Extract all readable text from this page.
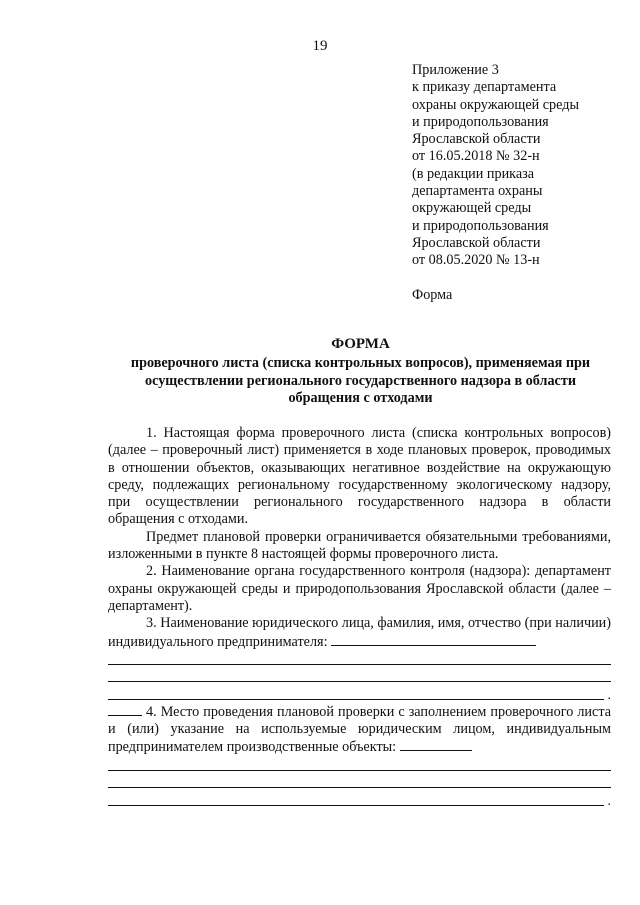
19
Приложение 3
к приказу департамента
охраны окружающей среды
и природопользования
Ярославской области
от 16.05.2018 № 32-н
(в редакции приказа
департамента охраны
окружающей среды
и природопользования
Ярославской области
от 08.05.2020 № 13-н
Форма
ФОРМА
проверочного листа (списка контрольных вопросов), применяемая при осуществлении регионального государственного надзора в области обращения с отходами

1. Настоящая форма проверочного листа (списка контрольных вопросов) (далее – проверочный лист) применяется в ходе плановых проверок, проводимых в отношении объектов, оказывающих негативное воздействие на окружающую среду, подлежащих региональному государственному экологическому надзору, при осуществлении регионального государственного надзора в области обращения с отходами.

Предмет плановой проверки ограничивается обязательными требованиями, изложенными в пункте 8 настоящей формы проверочного листа.

2. Наименование органа государственного контроля (надзора): департамент охраны окружающей среды и природопользования Ярославской области (далее – департамент).

3. Наименование юридического лица, фамилия, имя, отчество (при наличии) индивидуального предпринимателя:

.

4. Место проведения плановой проверки с заполнением проверочного листа и (или) указание на используемые юридическим лицом, индивидуальным предпринимателем производственные объекты:

.
